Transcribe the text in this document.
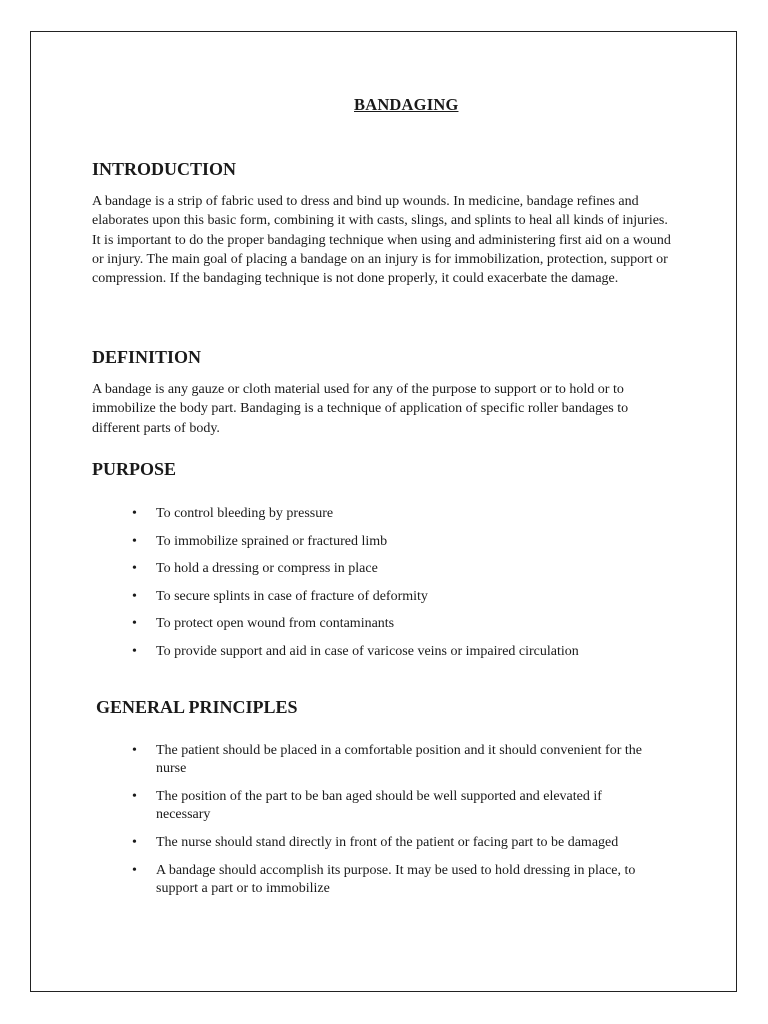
BANDAGING
INTRODUCTION

A bandage is a strip of fabric used to dress and bind up wounds. In medicine, bandage refines and elaborates upon this basic form, combining it with casts, slings, and splints to heal all kinds of injuries. It is important to do the proper bandaging technique when using and administering first aid on a wound or injury. The main goal of placing a bandage on an injury is for immobilization, protection, support or compression. If the bandaging technique is not done properly, it could exacerbate the damage.

DEFINITION

A bandage is any gauze or cloth material used for any of the purpose to support or to hold or to immobilize the body part. Bandaging is a technique of application of specific roller bandages to different parts of body.

PURPOSE
• To control bleeding by pressure
• To immobilize sprained or fractured limb
• To hold a dressing or compress in place
• To secure splints in case of fracture of deformity
• To protect open wound from contaminants
• To provide support and aid in case of varicose veins or impaired circulation
GENERAL PRINCIPLES
• The patient should be placed in a comfortable position and it should convenient for the nurse
• The position of the part to be ban aged should be well supported and elevated if necessary
• The nurse should stand directly in front of the patient or facing part to be damaged
• A bandage should accomplish its purpose. It may be used to hold dressing in place, to support a part or to immobilize
